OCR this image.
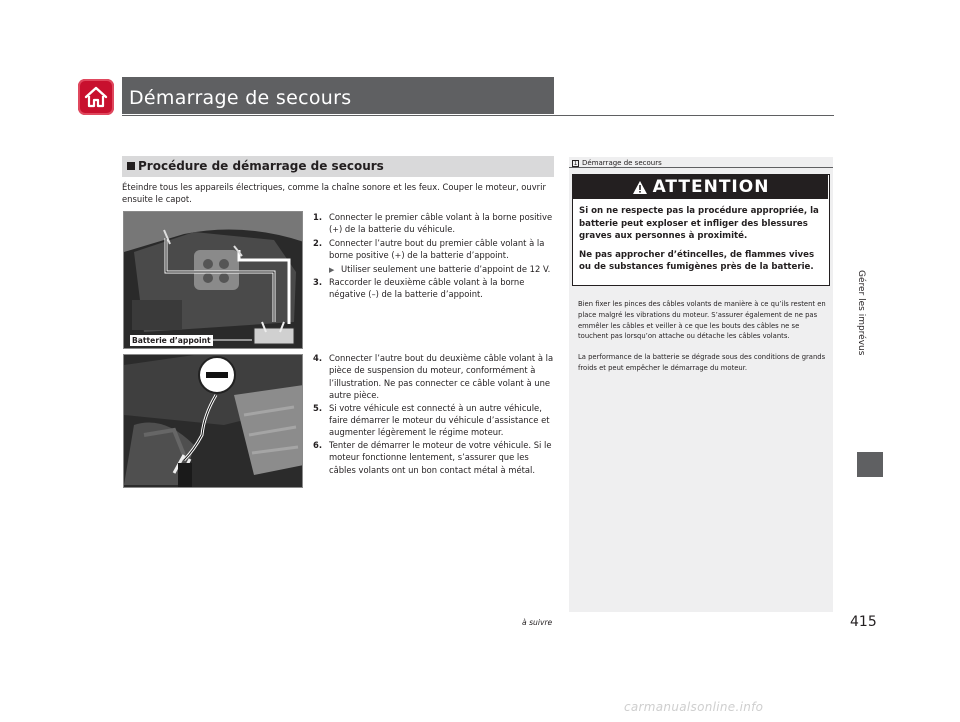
Démarrage de secours
Procédure de démarrage de secours
Éteindre tous les appareils électriques, comme la chaîne sonore et les feux. Couper le moteur, ouvrir ensuite le capot.
Batterie d’appoint
1. Connecter le premier câble volant à la borne positive (+) de la batterie du véhicule.
2. Connecter l’autre bout du premier câble volant à la borne positive (+) de la batterie d’appoint.
▶ Utiliser seulement une batterie d’appoint de 12 V.
3. Raccorder le deuxième câble volant à la borne négative (–) de la batterie d’appoint.
4. Connecter l’autre bout du deuxième câble volant à la pièce de suspension du moteur, conformément à l’illustration. Ne pas connecter ce câble volant à une autre pièce.
5. Si votre véhicule est connecté à un autre véhicule, faire démarrer le moteur du véhicule d’assistance et augmenter légèrement le régime moteur.
6. Tenter de démarrer le moteur de votre véhicule. Si le moteur fonctionne lentement, s’assurer que les câbles volants ont un bon contact métal à métal.
1 Démarrage de secours
ATTENTION

Si on ne respecte pas la procédure appropriée, la batterie peut exploser et infliger des blessures graves aux personnes à proximité.

Ne pas approcher d’étincelles, de flammes vives ou de substances fumigènes près de la batterie.

Bien fixer les pinces des câbles volants de manière à ce qu’ils restent en place malgré les vibrations du moteur. S’assurer également de ne pas emmêler les câbles et veiller à ce que les bouts des câbles ne se touchent pas lorsqu’on attache ou détache les câbles volants.

La performance de la batterie se dégrade sous des conditions de grands froids et peut empêcher le démarrage du moteur.

à suivre	415
Gérer les imprévus
carmanualsonline.info
